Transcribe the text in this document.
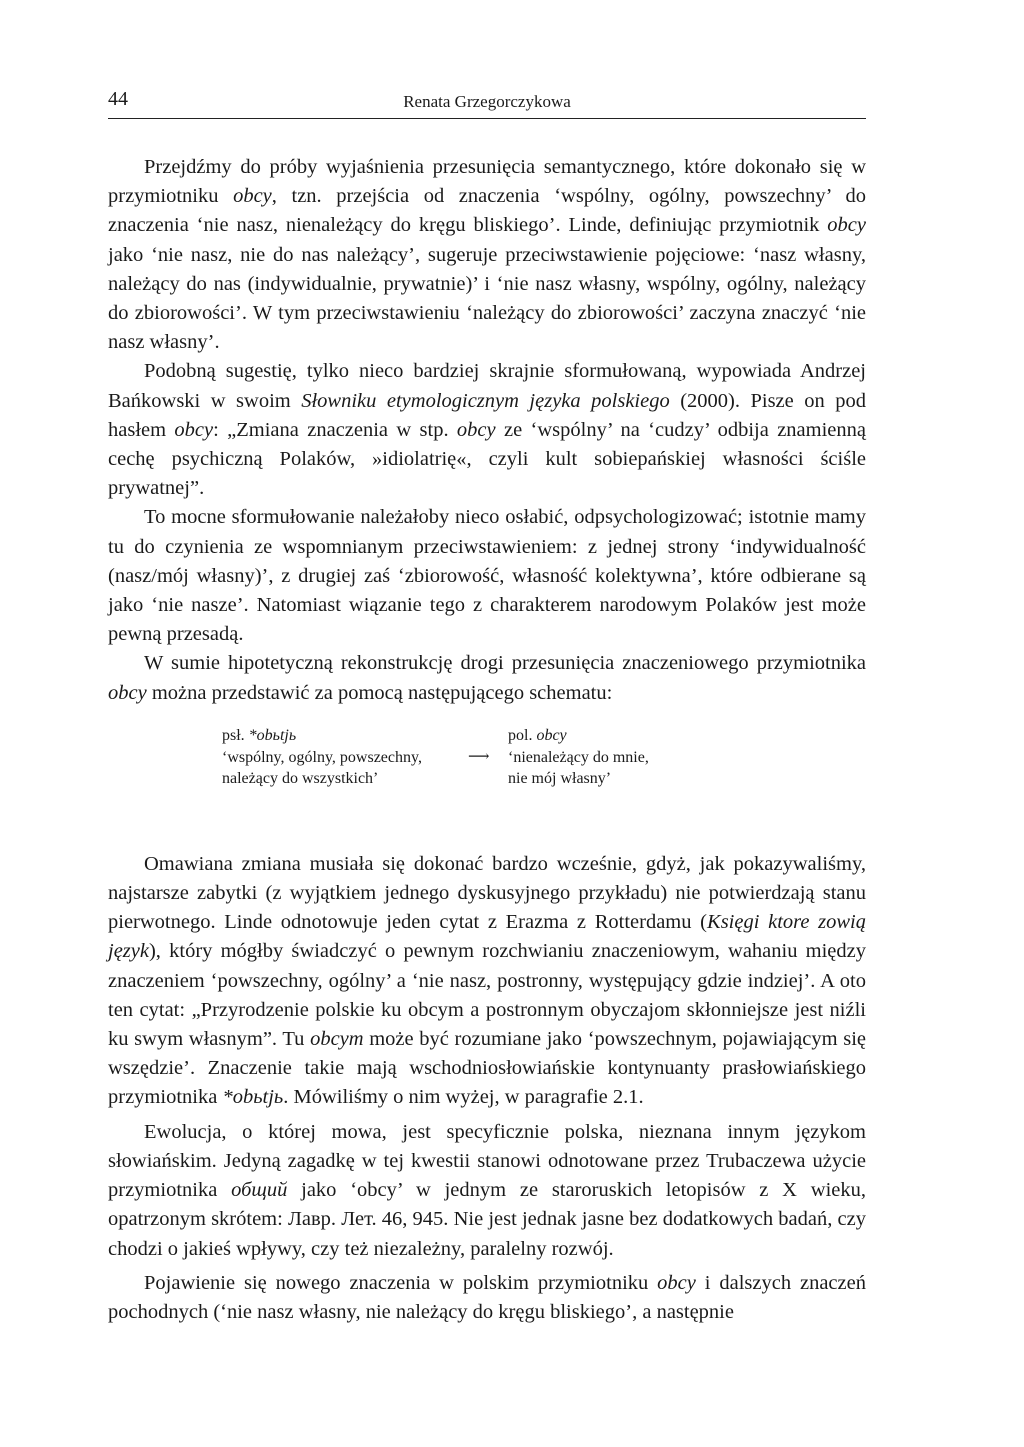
44	Renata Grzegorczykowa

Przejdźmy do próby wyjaśnienia przesunięcia semantycznego, które dokonało się w przymiotniku obcy, tzn. przejścia od znaczenia ‘wspólny, ogólny, powszechny’ do znaczenia ‘nie nasz, nienależący do kręgu bliskiego’. Linde, definiując przymiotnik obcy jako ‘nie nasz, nie do nas należący’, sugeruje przeciwstawienie pojęciowe: ‘nasz własny, należący do nas (indywidualnie, prywatnie)’ i ‘nie nasz własny, wspólny, ogólny, należący do zbiorowości’. W tym przeciwstawieniu ‘należący do zbiorowości’ zaczyna znaczyć ‘nie nasz własny’.

Podobną sugestię, tylko nieco bardziej skrajnie sformułowaną, wypowiada Andrzej Bańkowski w swoim Słowniku etymologicznym języka polskiego (2000). Pisze on pod hasłem obcy: „Zmiana znaczenia w stp. obcy ze ‘wspólny’ na ‘cudzy’ odbija znamienną cechę psychiczną Polaków, »idiolatrię«, czyli kult sobiepańskiej własności ściśle prywatnej”.

To mocne sformułowanie należałoby nieco osłabić, odpsychologizować; istotnie mamy tu do czynienia ze wspomnianym przeciwstawieniem: z jednej strony ‘indywidualność (nasz/mój własny)’, z drugiej zaś ‘zbiorowość, własność kolektywna’, które odbierane są jako ‘nie nasze’. Natomiast wiązanie tego z charakterem narodowym Polaków jest może pewną przesadą.

W sumie hipotetyczną rekonstrukcję drogi przesunięcia znaczeniowego przymiotnika obcy można przedstawić za pomocą następującego schematu:

psł. *obьtjь
‘wspólny, ogólny, powszechny,
należący do wszystkich’
⟶
pol. obcy
‘nienależący do mnie,
nie mój własny’

Omawiana zmiana musiała się dokonać bardzo wcześnie, gdyż, jak pokazywaliśmy, najstarsze zabytki (z wyjątkiem jednego dyskusyjnego przykładu) nie potwierdzają stanu pierwotnego. Linde odnotowuje jeden cytat z Erazma z Rotterdamu (Księgi ktore zowią język), który mógłby świadczyć o pewnym rozchwianiu znaczeniowym, wahaniu między znaczeniem ‘powszechny, ogólny’ a ‘nie nasz, postronny, występujący gdzie indziej’. A oto ten cytat: „Przyrodzenie polskie ku obcym a postronnym obyczajom skłonniejsze jest niźli ku swym własnym”. Tu obcym może być rozumiane jako ‘powszechnym, pojawiającym się wszędzie’. Znaczenie takie mają wschodniosłowiańskie kontynuanty prasłowiańskiego przymiotnika *obьtjь. Mówiliśmy o nim wyżej, w paragrafie 2.1.

Ewolucja, o której mowa, jest specyficznie polska, nieznana innym językom słowiańskim. Jedyną zagadkę w tej kwestii stanowi odnotowane przez Trubaczewa użycie przymiotnika общий jako ‘obcy’ w jednym ze staroruskich letopisów z X wieku, opatrzonym skrótem: Лавр. Лет. 46, 945. Nie jest jednak jasne bez dodatkowych badań, czy chodzi o jakieś wpływy, czy też niezależny, paralelny rozwój.

Pojawienie się nowego znaczenia w polskim przymiotniku obcy i dalszych znaczeń pochodnych (‘nie nasz własny, nie należący do kręgu bliskiego’, a następnie
